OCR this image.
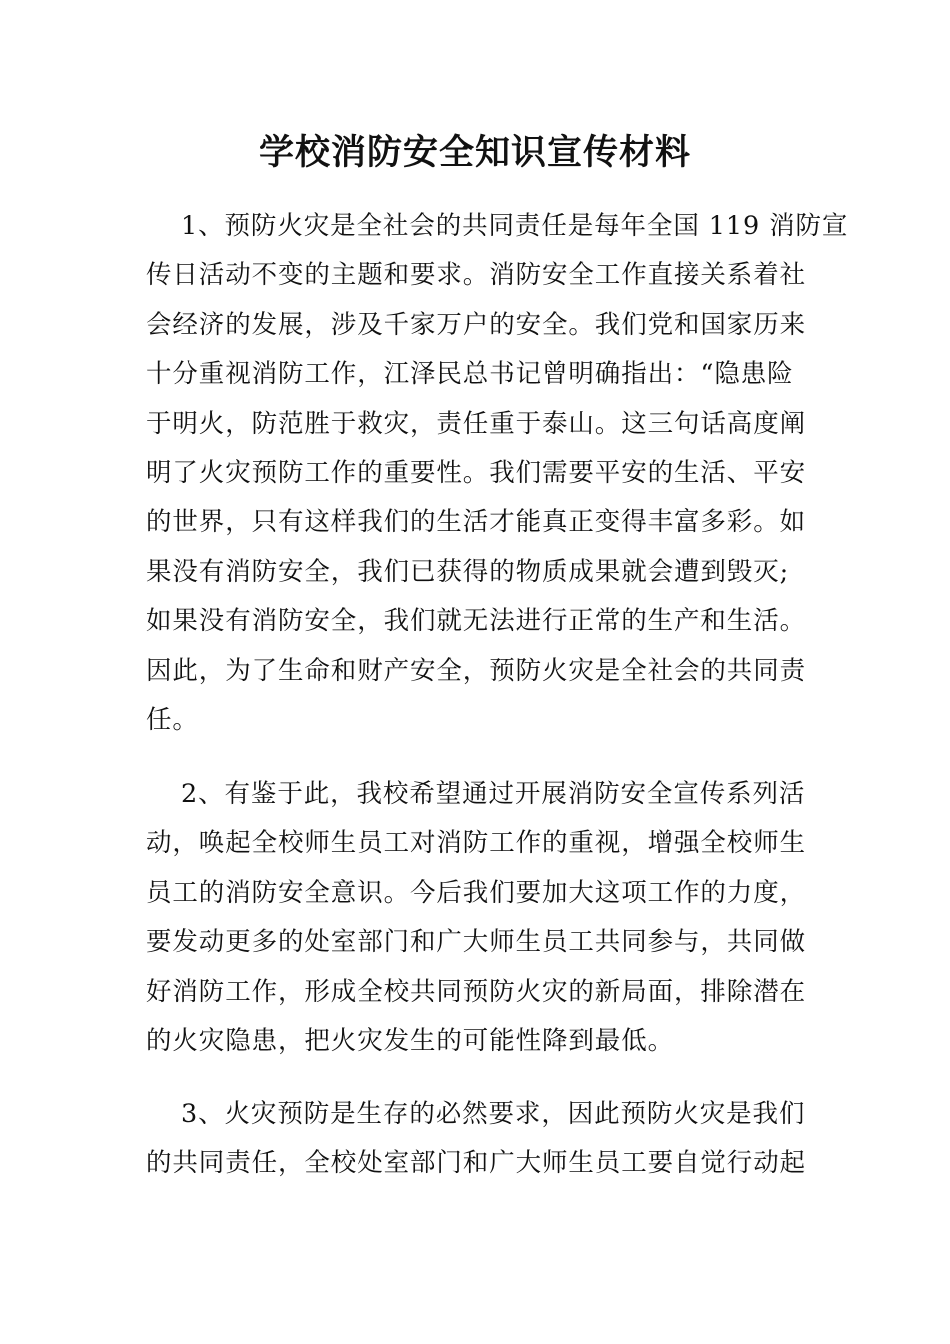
学校消防安全知识宣传材料

1、预防火灾是全社会的共同责任是每年全国 119 消防宣
传日活动不变的主题和要求。消防安全工作直接关系着社
会经济的发展，涉及千家万户的安全。我们党和国家历来
十分重视消防工作，江泽民总书记曾明确指出：“隐患险
于明火，防范胜于救灾，责任重于泰山。这三句话高度阐
明了火灾预防工作的重要性。我们需要平安的生活、平安
的世界，只有这样我们的生活才能真正变得丰富多彩。如
果没有消防安全，我们已获得的物质成果就会遭到毁灭;
如果没有消防安全，我们就无法进行正常的生产和生活。
因此，为了生命和财产安全，预防火灾是全社会的共同责
任。

2、有鉴于此，我校希望通过开展消防安全宣传系列活
动，唤起全校师生员工对消防工作的重视，增强全校师生
员工的消防安全意识。今后我们要加大这项工作的力度，
要发动更多的处室部门和广大师生员工共同参与，共同做
好消防工作，形成全校共同预防火灾的新局面，排除潜在
的火灾隐患，把火灾发生的可能性降到最低。

3、火灾预防是生存的必然要求，因此预防火灾是我们
的共同责任，全校处室部门和广大师生员工要自觉行动起
